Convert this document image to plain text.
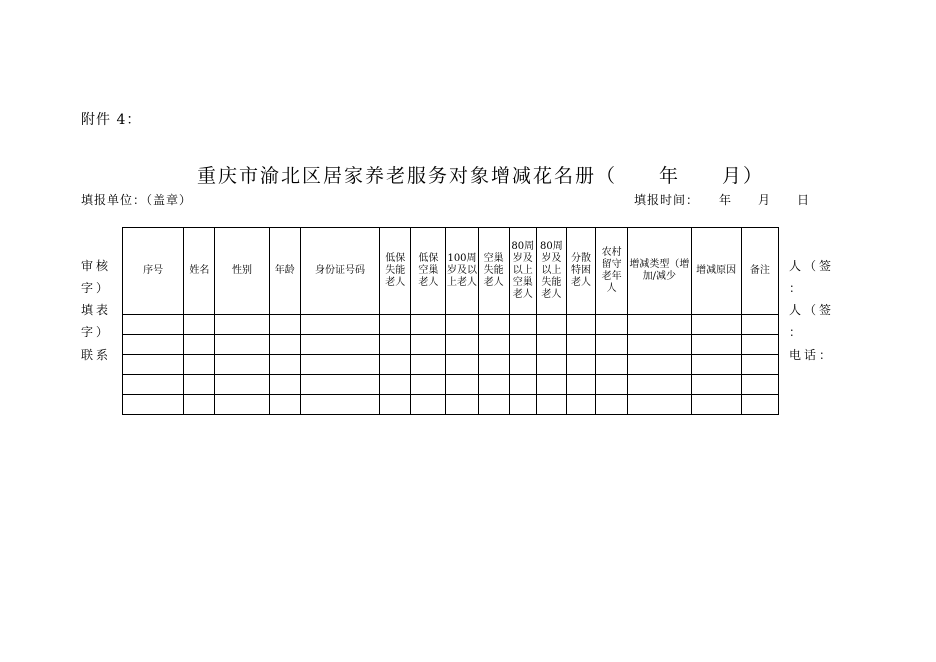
附件 4：
重庆市渝北区居家养老服务对象增减花名册（　　年　　月）
填报单位：（盖章）	填报时间：　　年　　月　　日
审核
字）
填表
字）
联系
人（签
：
人（签
：
电话：
序号	姓名	性别	年龄	身份证号码	低保失能老人	低保空巢老人	100周岁及以上老人	空巢失能老人	80周岁及以上空巢老人	80周岁及以上失能老人	分散特困老人	农村留守老年人	增减类型（增加/减少	增减原因	备注
